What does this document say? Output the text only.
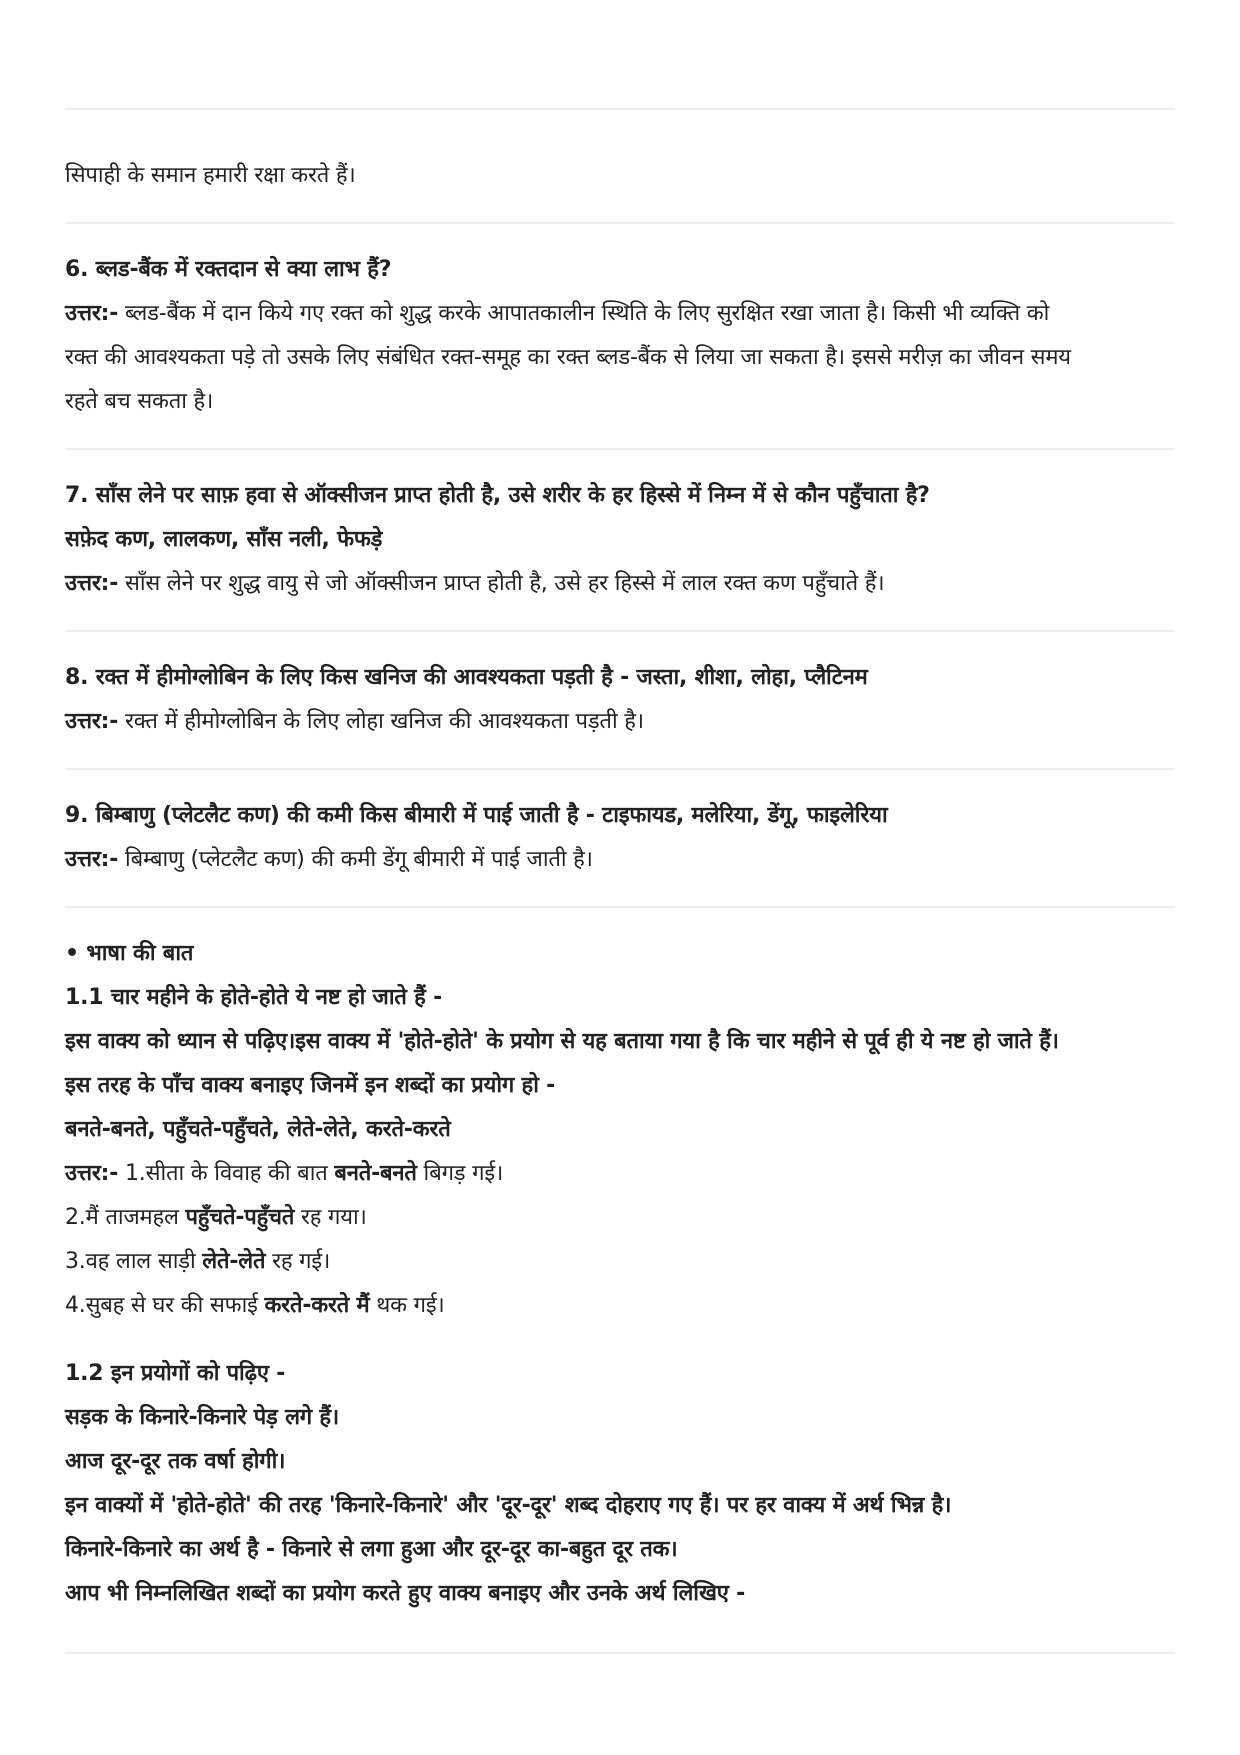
सिपाही के समान हमारी रक्षा करते हैं।
6. ब्लड-बैंक में रक्तदान से क्या लाभ हैं?
उत्तर:- ब्लड-बैंक में दान किये गए रक्त को शुद्ध करके आपातकालीन स्थिति के लिए सुरक्षित रखा जाता है। किसी भी व्यक्ति को
रक्त की आवश्यकता पड़े तो उसके लिए संबंधित रक्त-समूह का रक्त ब्लड-बैंक से लिया जा सकता है। इससे मरीज़ का जीवन समय
रहते बच सकता है।
7. साँस लेने पर साफ़ हवा से ऑक्सीजन प्राप्त होती है, उसे शरीर के हर हिस्से में निम्न में से कौन पहुँचाता है?
सफ़ेद कण, लालकण, साँस नली, फेफड़े
उत्तर:- साँस लेने पर शुद्ध वायु से जो ऑक्सीजन प्राप्त होती है, उसे हर हिस्से में लाल रक्त कण पहुँचाते हैं।
8. रक्त में हीमोग्लोबिन के लिए किस खनिज की आवश्यकता पड़ती है - जस्ता, शीशा, लोहा, प्लैटिनम
उत्तर:- रक्त में हीमोग्लोबिन के लिए लोहा खनिज की आवश्यकता पड़ती है।
9. बिम्बाणु (प्लेटलैट कण) की कमी किस बीमारी में पाई जाती है - टाइफायड, मलेरिया, डेंगू, फाइलेरिया
उत्तर:- बिम्बाणु (प्लेटलैट कण) की कमी डेंगू बीमारी में पाई जाती है।
• भाषा की बात
1.1 चार महीने के होते-होते ये नष्ट हो जाते हैं -
इस वाक्य को ध्यान से पढ़िए।इस वाक्य में 'होते-होते' के प्रयोग से यह बताया गया है कि चार महीने से पूर्व ही ये नष्ट हो जाते हैं।
इस तरह के पाँच वाक्य बनाइए जिनमें इन शब्दों का प्रयोग हो -
बनते-बनते, पहुँचते-पहुँचते, लेते-लेते, करते-करते
उत्तर:- 1.सीता के विवाह की बात बनते-बनते बिगड़ गई।
2.मैं ताजमहल पहुँचते-पहुँचते रह गया।
3.वह लाल साड़ी लेते-लेते रह गई।
4.सुबह से घर की सफाई करते-करते मैं थक गई।
1.2 इन प्रयोगों को पढ़िए -
सड़क के किनारे-किनारे पेड़ लगे हैं।
आज दूर-दूर तक वर्षा होगी।
इन वाक्यों में 'होते-होते' की तरह 'किनारे-किनारे' और 'दूर-दूर' शब्द दोहराए गए हैं। पर हर वाक्य में अर्थ भिन्न है।
किनारे-किनारे का अर्थ है - किनारे से लगा हुआ और दूर-दूर का-बहुत दूर तक।
आप भी निम्नलिखित शब्दों का प्रयोग करते हुए वाक्य बनाइए और उनके अर्थ लिखिए -
